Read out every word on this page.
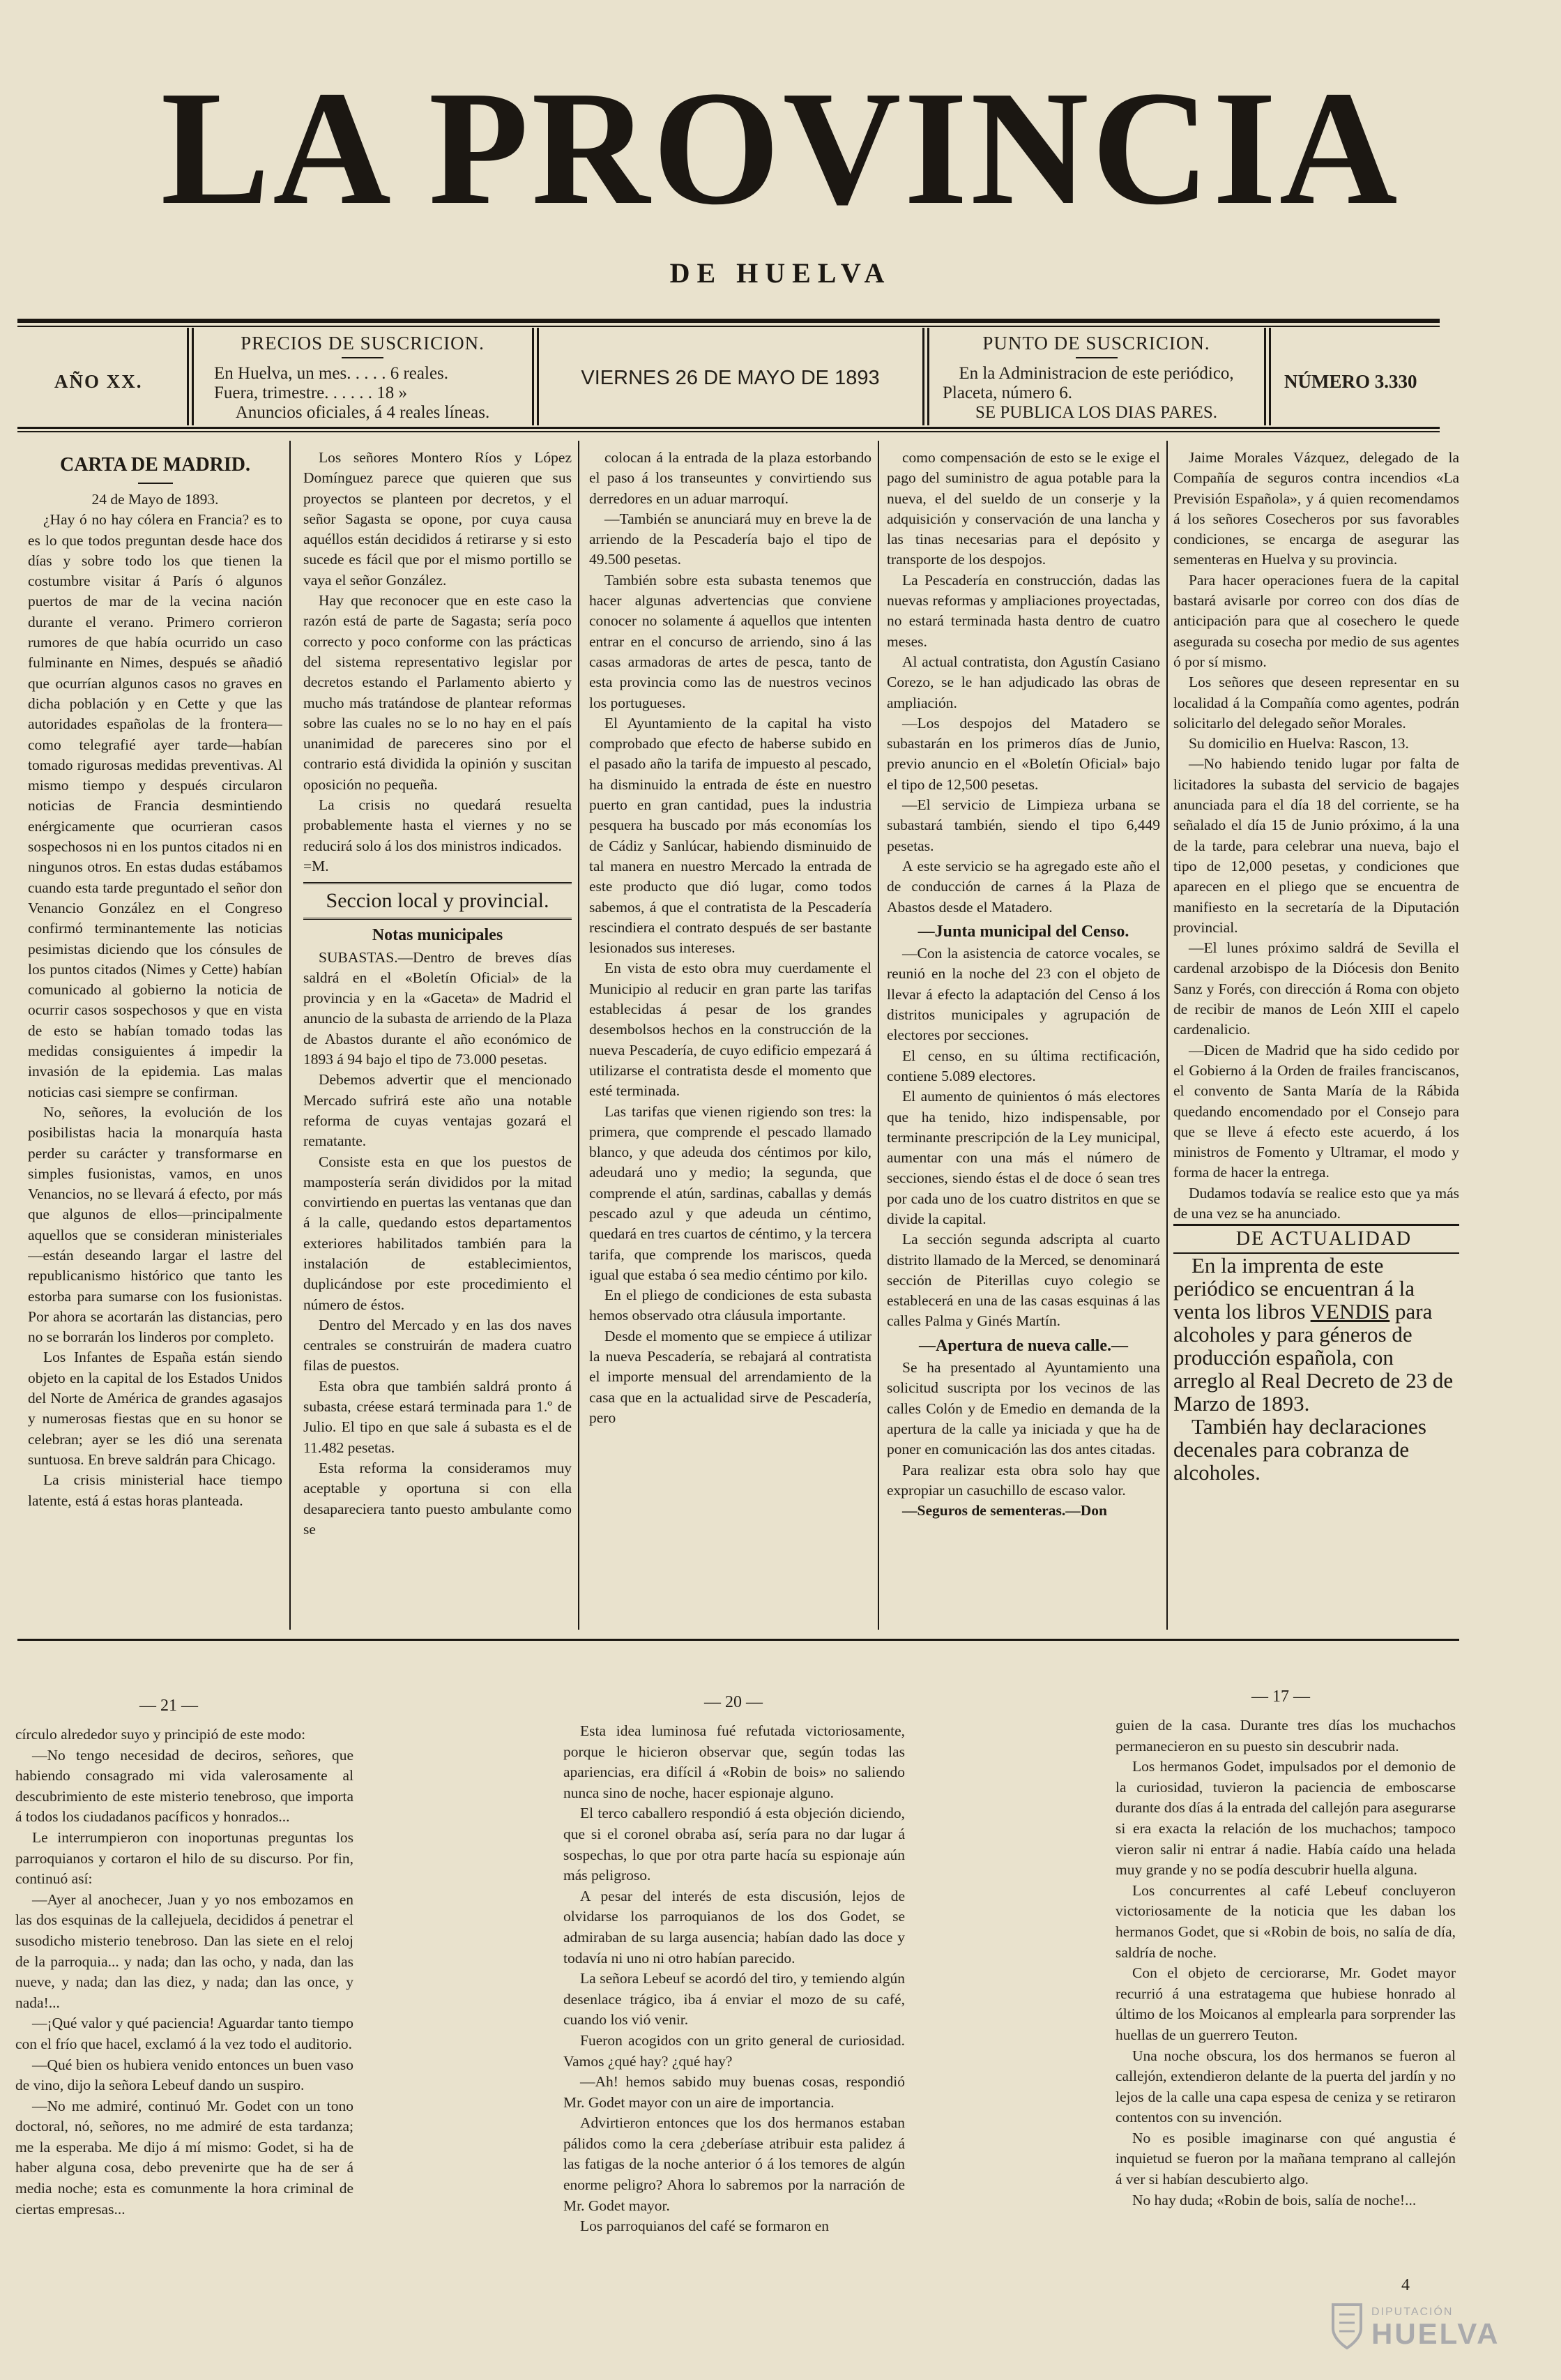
LA PROVINCIA
DE HUELVA
AÑO XX.
PRECIOS DE SUSCRICION.
En Huelva, un mes. . . . . 6 reales.
Fuera, trimestre. . . . . . 18 »
Anuncios oficiales, á 4 reales líneas.
VIERNES 26 DE MAYO DE 1893
PUNTO DE SUSCRICION.
En la Administracion de este periódico,
Placeta, número 6.
SE PUBLICA LOS DIAS PARES.
NÚMERO 3.330

CARTA DE MADRID.

24 de Mayo de 1893.

¿Hay ó no hay cólera en Francia? es to es lo que todos preguntan desde hace dos días y sobre todo los que tienen la costumbre visitar á París ó algunos puertos de mar de la vecina nación durante el verano. Primero corrieron rumores de que había ocurrido un caso fulminante en Nimes, después se añadió que ocurrían algunos casos no graves en dicha población y en Cette y que las autoridades españolas de la frontera—como telegrafié ayer tarde—habían tomado rigurosas medidas preventivas. Al mismo tiempo y después circularon noticias de Francia desmintiendo enérgicamente que ocurrieran casos sospechosos ni en los puntos citados ni en ningunos otros. En estas dudas estábamos cuando esta tarde preguntado el señor don Venancio González en el Congreso confirmó terminantemente las noticias pesimistas diciendo que los cónsules de los puntos citados (Nimes y Cette) habían comunicado al gobierno la noticia de ocurrir casos sospechosos y que en vista de esto se habían tomado todas las medidas consiguientes á impedir la invasión de la epidemia. Las malas noticias casi siempre se confirman.

No, señores, la evolución de los posibilistas hacia la monarquía hasta perder su carácter y transformarse en simples fusionistas, vamos, en unos Venancios, no se llevará á efecto, por más que algunos de ellos—principalmente aquellos que se consideran ministeriales—están deseando largar el lastre del republicanismo histórico que tanto les estorba para sumarse con los fusionistas. Por ahora se acortarán las distancias, pero no se borrarán los linderos por completo.

Los Infantes de España están siendo objeto en la capital de los Estados Unidos del Norte de América de grandes agasajos y numerosas fiestas que en su honor se celebran; ayer se les dió una serenata suntuosa. En breve saldrán para Chicago.

La crisis ministerial hace tiempo latente, está á estas horas planteada.

Los señores Montero Ríos y López Domínguez parece que quieren que sus proyectos se planteen por decretos, y el señor Sagasta se opone, por cuya causa aquéllos están decididos á retirarse y si esto sucede es fácil que por el mismo portillo se vaya el señor González.

Hay que reconocer que en este caso la razón está de parte de Sagasta; sería poco correcto y poco conforme con las prácticas del sistema representativo legislar por decretos estando el Parlamento abierto y mucho más tratándose de plantear reformas sobre las cuales no se lo no hay en el país unanimidad de pareceres sino por el contrario está dividida la opinión y suscitan oposición no pequeña.

La crisis no quedará resuelta probablemente hasta el viernes y no se reducirá solo á los dos ministros indicados.

=M.

Seccion local y provincial.

Notas municipales

SUBASTAS.—Dentro de breves días saldrá en el «Boletín Oficial» de la provincia y en la «Gaceta» de Madrid el anuncio de la subasta de arriendo de la Plaza de Abastos durante el año económico de 1893 á 94 bajo el tipo de 73.000 pesetas.

Debemos advertir que el mencionado Mercado sufrirá este año una notable reforma de cuyas ventajas gozará el rematante.

Consiste esta en que los puestos de mampostería serán divididos por la mitad convirtiendo en puertas las ventanas que dan á la calle, quedando estos departamentos exteriores habilitados también para la instalación de establecimientos, duplicándose por este procedimiento el número de éstos.

Dentro del Mercado y en las dos naves centrales se construirán de madera cuatro filas de puestos.

Esta obra que también saldrá pronto á subasta, créese estará terminada para 1.º de Julio. El tipo en que sale á subasta es el de 11.482 pesetas.

Esta reforma la consideramos muy aceptable y oportuna si con ella desapareciera tanto puesto ambulante como se

colocan á la entrada de la plaza estorbando el paso á los transeuntes y convirtiendo sus derredores en un aduar marroquí.

—También se anunciará muy en breve la de arriendo de la Pescadería bajo el tipo de 49.500 pesetas.

También sobre esta subasta tenemos que hacer algunas advertencias que conviene conocer no solamente á aquellos que intenten entrar en el concurso de arriendo, sino á las casas armadoras de artes de pesca, tanto de esta provincia como las de nuestros vecinos los portugueses.

El Ayuntamiento de la capital ha visto comprobado que efecto de haberse subido en el pasado año la tarifa de impuesto al pescado, ha disminuido la entrada de éste en nuestro puerto en gran cantidad, pues la industria pesquera ha buscado por más economías los de Cádiz y Sanlúcar, habiendo disminuido de tal manera en nuestro Mercado la entrada de este producto que dió lugar, como todos sabemos, á que el contratista de la Pescadería rescindiera el contrato después de ser bastante lesionados sus intereses.

En vista de esto obra muy cuerdamente el Municipio al reducir en gran parte las tarifas establecidas á pesar de los grandes desembolsos hechos en la construcción de la nueva Pescadería, de cuyo edificio empezará á utilizarse el contratista desde el momento que esté terminada.

Las tarifas que vienen rigiendo son tres: la primera, que comprende el pescado llamado blanco, y que adeuda dos céntimos por kilo, adeudará uno y medio; la segunda, que comprende el atún, sardinas, caballas y demás pescado azul y que adeuda un céntimo, quedará en tres cuartos de céntimo, y la tercera tarifa, que comprende los mariscos, queda igual que estaba ó sea medio céntimo por kilo.

En el pliego de condiciones de esta subasta hemos observado otra cláusula importante.

Desde el momento que se empiece á utilizar la nueva Pescadería, se rebajará al contratista el importe mensual del arrendamiento de la casa que en la actualidad sirve de Pescadería, pero

como compensación de esto se le exige el pago del suministro de agua potable para la nueva, el del sueldo de un conserje y la adquisición y conservación de una lancha y las tinas necesarias para el depósito y transporte de los despojos.

La Pescadería en construcción, dadas las nuevas reformas y ampliaciones proyectadas, no estará terminada hasta dentro de cuatro meses.

Al actual contratista, don Agustín Casiano Corezo, se le han adjudicado las obras de ampliación.

—Los despojos del Matadero se subastarán en los primeros días de Junio, previo anuncio en el «Boletín Oficial» bajo el tipo de 12,500 pesetas.

—El servicio de Limpieza urbana se subastará también, siendo el tipo 6,449 pesetas.

A este servicio se ha agregado este año el de conducción de carnes á la Plaza de Abastos desde el Matadero.

—Junta municipal del Censo.

—Con la asistencia de catorce vocales, se reunió en la noche del 23 con el objeto de llevar á efecto la adaptación del Censo á los distritos municipales y agrupación de electores por secciones.

El censo, en su última rectificación, contiene 5.089 electores.

El aumento de quinientos ó más electores que ha tenido, hizo indispensable, por terminante prescripción de la Ley municipal, aumentar con una más el número de secciones, siendo éstas el de doce ó sean tres por cada uno de los cuatro distritos en que se divide la capital.

La sección segunda adscripta al cuarto distrito llamado de la Merced, se denominará sección de Piterillas cuyo colegio se establecerá en una de las casas esquinas á las calles Palma y Ginés Martín.

—Apertura de nueva calle.—

Se ha presentado al Ayuntamiento una solicitud suscripta por los vecinos de las calles Colón y de Emedio en demanda de la apertura de la calle ya iniciada y que ha de poner en comunicación las dos antes citadas.

Para realizar esta obra solo hay que expropiar un casuchillo de escaso valor.

—Seguros de sementeras.—Don

Jaime Morales Vázquez, delegado de la Compañía de seguros contra incendios «La Previsión Española», y á quien recomendamos á los señores Cosecheros por sus favorables condiciones, se encarga de asegurar las sementeras en Huelva y su provincia.

Para hacer operaciones fuera de la capital bastará avisarle por correo con dos días de anticipación para que al cosechero le quede asegurada su cosecha por medio de sus agentes ó por sí mismo.

Los señores que deseen representar en su localidad á la Compañía como agentes, podrán solicitarlo del delegado señor Morales.

Su domicilio en Huelva: Rascon, 13.

—No habiendo tenido lugar por falta de licitadores la subasta del servicio de bagajes anunciada para el día 18 del corriente, se ha señalado el día 15 de Junio próximo, á la una de la tarde, para celebrar una nueva, bajo el tipo de 12,000 pesetas, y condiciones que aparecen en el pliego que se encuentra de manifiesto en la secretaría de la Diputación provincial.

—El lunes próximo saldrá de Sevilla el cardenal arzobispo de la Diócesis don Benito Sanz y Forés, con dirección á Roma con objeto de recibir de manos de León XIII el capelo cardenalicio.

—Dicen de Madrid que ha sido cedido por el Gobierno á la Orden de frailes franciscanos, el convento de Santa María de la Rábida quedando encomendado por el Consejo para que se lleve á efecto este acuerdo, á los ministros de Fomento y Ultramar, el modo y forma de hacer la entrega.

Dudamos todavía se realice esto que ya más de una vez se ha anunciado.

DE ACTUALIDAD

En la imprenta de este periódico se encuentran á la venta los libros VENDIS para alcoholes y para géneros de producción española, con arreglo al Real Decreto de 23 de Marzo de 1893.

También hay declaraciones decenales para cobranza de alcoholes.

— 21 —	— 20 —	— 17 —

círculo alrededor suyo y principió de este modo:

—No tengo necesidad de deciros, señores, que habiendo consagrado mi vida valerosamente al descubrimiento de este misterio tenebroso, que importa á todos los ciudadanos pacíficos y honrados...

Le interrumpieron con inoportunas preguntas los parroquianos y cortaron el hilo de su discurso. Por fin, continuó así:

—Ayer al anochecer, Juan y yo nos embozamos en las dos esquinas de la callejuela, decididos á penetrar el susodicho misterio tenebroso. Dan las siete en el reloj de la parroquia... y nada; dan las ocho, y nada, dan las nueve, y nada; dan las diez, y nada; dan las once, y nada!...

—¡Qué valor y qué paciencia! Aguardar tanto tiempo con el frío que hacel, exclamó á la vez todo el auditorio.

—Qué bien os hubiera venido entonces un buen vaso de vino, dijo la señora Lebeuf dando un suspiro.

—No me admiré, continuó Mr. Godet con un tono doctoral, nó, señores, no me admiré de esta tardanza; me la esperaba. Me dijo á mí mismo: Godet, si ha de haber alguna cosa, debo prevenirte que ha de ser á media noche; esta es comunmente la hora criminal de ciertas empresas...

Esta idea luminosa fué refutada victoriosamente, porque le hicieron observar que, según todas las apariencias, era difícil á «Robin de bois» no saliendo nunca sino de noche, hacer espionaje alguno.

El terco caballero respondió á esta objeción diciendo, que si el coronel obraba así, sería para no dar lugar á sospechas, lo que por otra parte hacía su espionaje aún más peligroso.

A pesar del interés de esta discusión, lejos de olvidarse los parroquianos de los dos Godet, se admiraban de su larga ausencia; habían dado las doce y todavía ni uno ni otro habían parecido.

La señora Lebeuf se acordó del tiro, y temiendo algún desenlace trágico, iba á enviar el mozo de su café, cuando los vió venir.

Fueron acogidos con un grito general de curiosidad. Vamos ¿qué hay? ¿qué hay?

—Ah! hemos sabido muy buenas cosas, respondió Mr. Godet mayor con un aire de importancia.

Advirtieron entonces que los dos hermanos estaban pálidos como la cera ¿deberíase atribuir esta palidez á las fatigas de la noche anterior ó á los temores de algún enorme peligro? Ahora lo sabremos por la narración de Mr. Godet mayor.

Los parroquianos del café se formaron en

guien de la casa. Durante tres días los muchachos permanecieron en su puesto sin descubrir nada.

Los hermanos Godet, impulsados por el demonio de la curiosidad, tuvieron la paciencia de emboscarse durante dos días á la entrada del callejón para asegurarse si era exacta la relación de los muchachos; tampoco vieron salir ni entrar á nadie. Había caído una helada muy grande y no se podía descubrir huella alguna.

Los concurrentes al café Lebeuf concluyeron victoriosamente de la noticia que les daban los hermanos Godet, que si «Robin de bois, no salía de día, saldría de noche.

Con el objeto de cerciorarse, Mr. Godet mayor recurrió á una estratagema que hubiese honrado al último de los Moicanos al emplearla para sorprender las huellas de un guerrero Teuton.

Una noche obscura, los dos hermanos se fueron al callejón, extendieron delante de la puerta del jardín y no lejos de la calle una capa espesa de ceniza y se retiraron contentos con su invención.

No es posible imaginarse con qué angustia é inquietud se fueron por la mañana temprano al callejón á ver si habían descubierto algo.

No hay duda; «Robin de bois, salía de noche!...

4
DIPUTACIÓN
HUELVA
